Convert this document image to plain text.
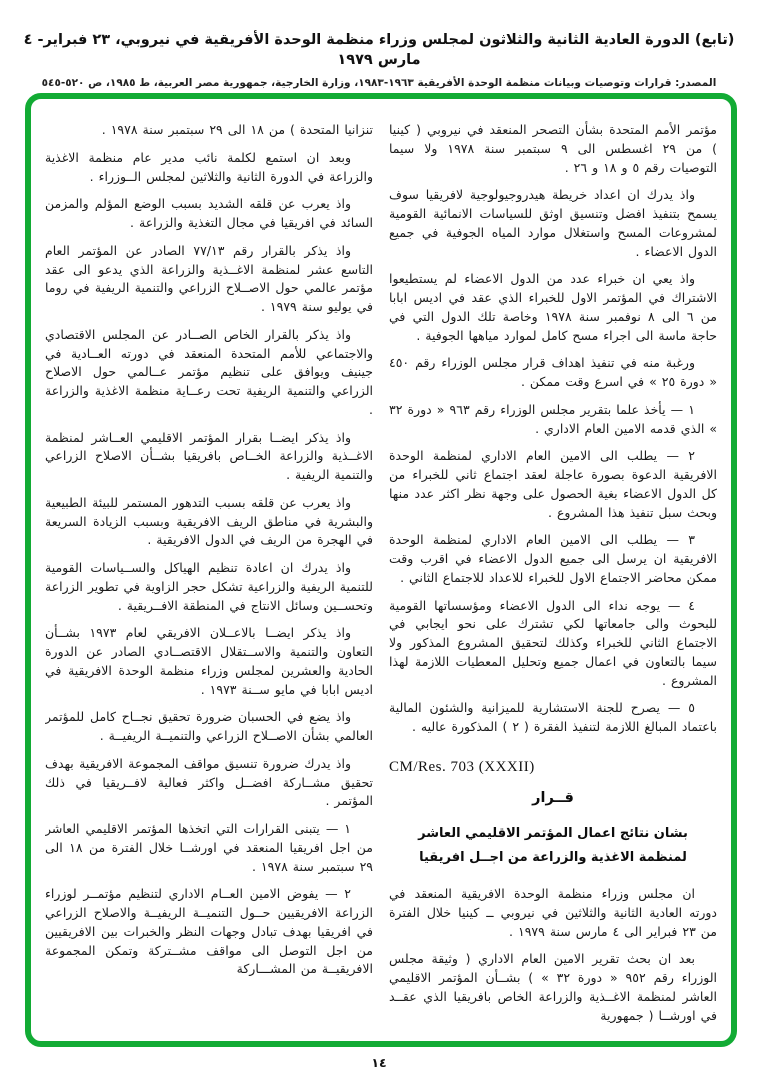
(تابع) الدورة العادية الثانية والثلاثون لمجلس وزراء منظمة الوحدة الأفريقية في نيروبي، ٢٣ فبراير- ٤ مارس ١٩٧٩
المصدر: قرارات وتوصيات وبيانات منظمة الوحدة الأفريقية ١٩٦٣-١٩٨٣، وزارة الخارجية، جمهورية مصر العربية، ط ١٩٨٥، ص ٥٢٠-٥٤٥

مؤتمر الأمم المتحدة بشأن التصحر المنعقد في نيروبي ( كينيا ) من ٢٩ اغسطس الى ٩ سبتمبر سنة ١٩٧٨ ولا سيما التوصيات رقم ٥ و ١٨ و ٢٦ .

واذ يدرك ان اعداد خريطة هيدروجيولوجية لافريقيا سوف يسمح بتنفيذ افضل وتنسيق اوثق للسياسات الانمائية القومية لمشروعات المسح واستغلال موارد المياه الجوفية في جميع الدول الاعضاء .

واذ يعي ان خبراء عدد من الدول الاعضاء لم يستطيعوا الاشتراك في المؤتمر الاول للخبراء الذي عقد في اديس ابابا من ٦ الى ٨ نوفمبر سنة ١٩٧٨ وخاصة تلك الدول التي في حاجة ماسة الى اجراء مسح كامل لموارد مياهها الجوفية .

ورغبة منه في تنفيذ اهداف قرار مجلس الوزراء رقم ٤٥٠ « دورة ٢٥ » في اسرع وقت ممكن .

١ — يأخذ علما بتقرير مجلس الوزراء رقم ٩٦٣ « دورة ٣٢ » الذي قدمه الامين العام الاداري .

٢ — يطلب الى الامين العام الاداري لمنظمة الوحدة الافريقية الدعوة بصورة عاجلة لعقد اجتماع ثاني للخبراء من كل الدول الاعضاء بغية الحصول على وجهة نظر اكثر عدد منها وبحث سبل تنفيذ هذا المشروع .

٣ — يطلب الى الامين العام الاداري لمنظمة الوحدة الافريقية ان يرسل الى جميع الدول الاعضاء في اقرب وقت ممكن محاضر الاجتماع الاول للخبراء للاعداد للاجتماع الثاني .

٤ — يوجه نداء الى الدول الاعضاء ومؤسساتها القومية للبحوث والى جامعاتها لكي تشترك على نحو ايجابي في الاجتماع الثاني للخبراء وكذلك لتحقيق المشروع المذكور ولا سيما بالتعاون في اعمال جميع وتحليل المعطيات اللازمة لهذا المشروع .

٥ — يصرح للجنة الاستشارية للميزانية والشئون المالية باعتماد المبالغ اللازمة لتنفيذ الفقرة ( ٢ ) المذكورة عاليه .

CM/Res. 703 (XXXII)
قــرار
بشان نتائج اعمال المؤتمر الاقليمي العاشر
لمنظمة الاغذية والزراعة من اجــل افريقيا

ان مجلس وزراء منظمة الوحدة الافريقية المنعقد في دورته العادية الثانية والثلاثين في نيروبي ــ كينيا خلال الفترة من ٢٣ فبراير الى ٤ مارس سنة ١٩٧٩ .

بعد ان بحث تقرير الامين العام الاداري ( وثيقة مجلس الوزراء رقم ٩٥٢ « دورة ٣٢ » ) بشــأن المؤتمر الاقليمي العاشر لمنظمة الاغــذية والزراعة الخاص بافريقيا الذي عقــد في اورشــا ( جمهورية

تنزانيا المتحدة ) من ١٨ الى ٢٩ سبتمبر سنة ١٩٧٨ .

وبعد ان استمع لكلمة نائب مدير عام منظمة الاغذية والزراعة في الدورة الثانية والثلاثين لمجلس الــوزراء .

واذ يعرب عن قلقه الشديد بسبب الوضع المؤلم والمزمن السائد في افريقيا في مجال التغذية والزراعة .

واذ يذكر بالقرار رقم ٧٧/١٣ الصادر عن المؤتمر العام التاسع عشر لمنظمة الاغــذية والزراعة الذي يدعو الى عقد مؤتمر عالمي حول الاصــلاح الزراعي والتنمية الريفية في روما في يوليو سنة ١٩٧٩ .

واذ يذكر بالقرار الخاص الصــادر عن المجلس الاقتصادي والاجتماعي للأمم المتحدة المنعقد في دورته العــادية في جينيف ويوافق على تنظيم مؤتمر عــالمي حول الاصلاح الزراعي والتنمية الريفية تحت رعــاية منظمة الاغذية والزراعة .

واذ يذكر ايضــا بقرار المؤتمر الاقليمي العــاشر لمنظمة الاغــذية والزراعة الخــاص بافريقيا بشــأن الاصلاح الزراعي والتنمية الريفية .

واذ يعرب عن قلقه بسبب التدهور المستمر للبيئة الطبيعية والبشرية في مناطق الريف الافريقية وبسبب الزيادة السريعة في الهجرة من الريف في الدول الافريقية .

واذ يدرك ان اعادة تنظيم الهياكل والســياسات القومية للتنمية الريفية والزراعية تشكل حجر الزاوية في تطوير الزراعة وتحســين وسائل الانتاج في المنطقة الافــريقية .

واذ يذكر ايضــا بالاعــلان الافريقي لعام ١٩٧٣ بشــأن التعاون والتنمية والاســتقلال الاقتصــادي الصادر عن الدورة الحادية والعشرين لمجلس وزراء منظمة الوحدة الافريقية في اديس ابابا في مايو ســنة ١٩٧٣ .

واذ يضع في الحسبان ضرورة تحقيق نجــاح كامل للمؤتمر العالمي بشأن الاصــلاح الزراعي والتنميــة الريفيــة .

واذ يدرك ضرورة تنسيق مواقف المجموعة الافريقية بهدف تحقيق مشــاركة افضــل واكثر فعالية لافــريقيا في ذلك المؤتمر .

١ — يتبنى القرارات التي اتخذها المؤتمر الاقليمي العاشر من اجل افريقيا المنعقد في اورشــا خلال الفترة من ١٨ الى ٢٩ سبتمبر سنة ١٩٧٨ .

٢ — يفوض الامين العــام الاداري لتنظيم مؤتمــر لوزراء الزراعة الافريقيين حــول التنميــة الريفيــة والاصلاح الزراعي في افريقيا بهدف تبادل وجهات النظر والخبرات بين الافريقيين من اجل التوصل الى مواقف مشــتركة وتمكن المجموعة الافريقيــة من المشـــاركة

١٤
